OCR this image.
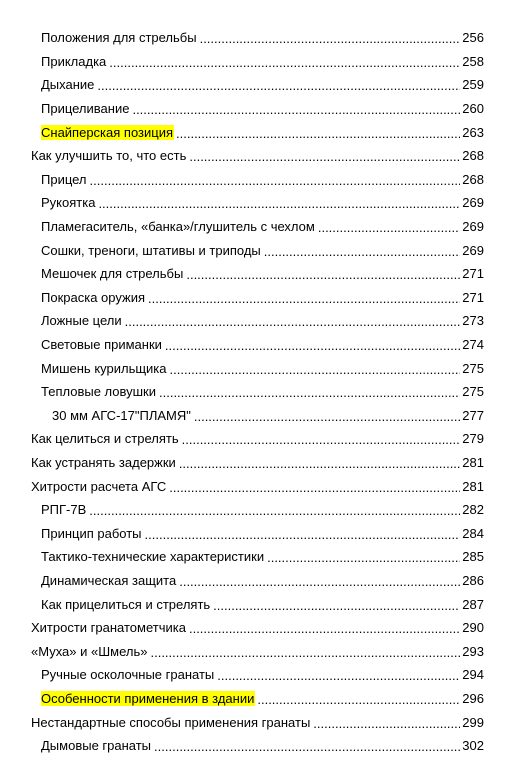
Положения для стрельбы .....	256
Прикладка .....	258
Дыхание .....	259
Прицеливание .....	260
Снайперская позиция .....	263
Как улучшить то, что есть .....	268
Прицел .....	268
Рукоятка .....	269
Пламегаситель, «банка»/глушитель с чехлом .....	269
Сошки, треноги, штативы и триподы .....	269
Мешочек для стрельбы .....	271
Покраска оружия .....	271
Ложные цели .....	273
Световые приманки .....	274
Мишень курильщика .....	275
Тепловые ловушки .....	275
30 мм АГС-17"ПЛАМЯ" .....	277
Как целиться и стрелять .....	279
Как устранять задержки .....	281
Хитрости расчета АГС .....	281
РПГ-7В .....	282
Принцип работы .....	284
Тактико-технические характеристики .....	285
Динамическая защита .....	286
Как прицелиться и стрелять .....	287
Хитрости гранатометчика .....	290
«Муха» и «Шмель» .....	293
Ручные осколочные гранаты .....	294
Особенности применения в здании .....	296
Нестандартные способы применения гранаты .....	299
Дымовые гранаты .....	302
